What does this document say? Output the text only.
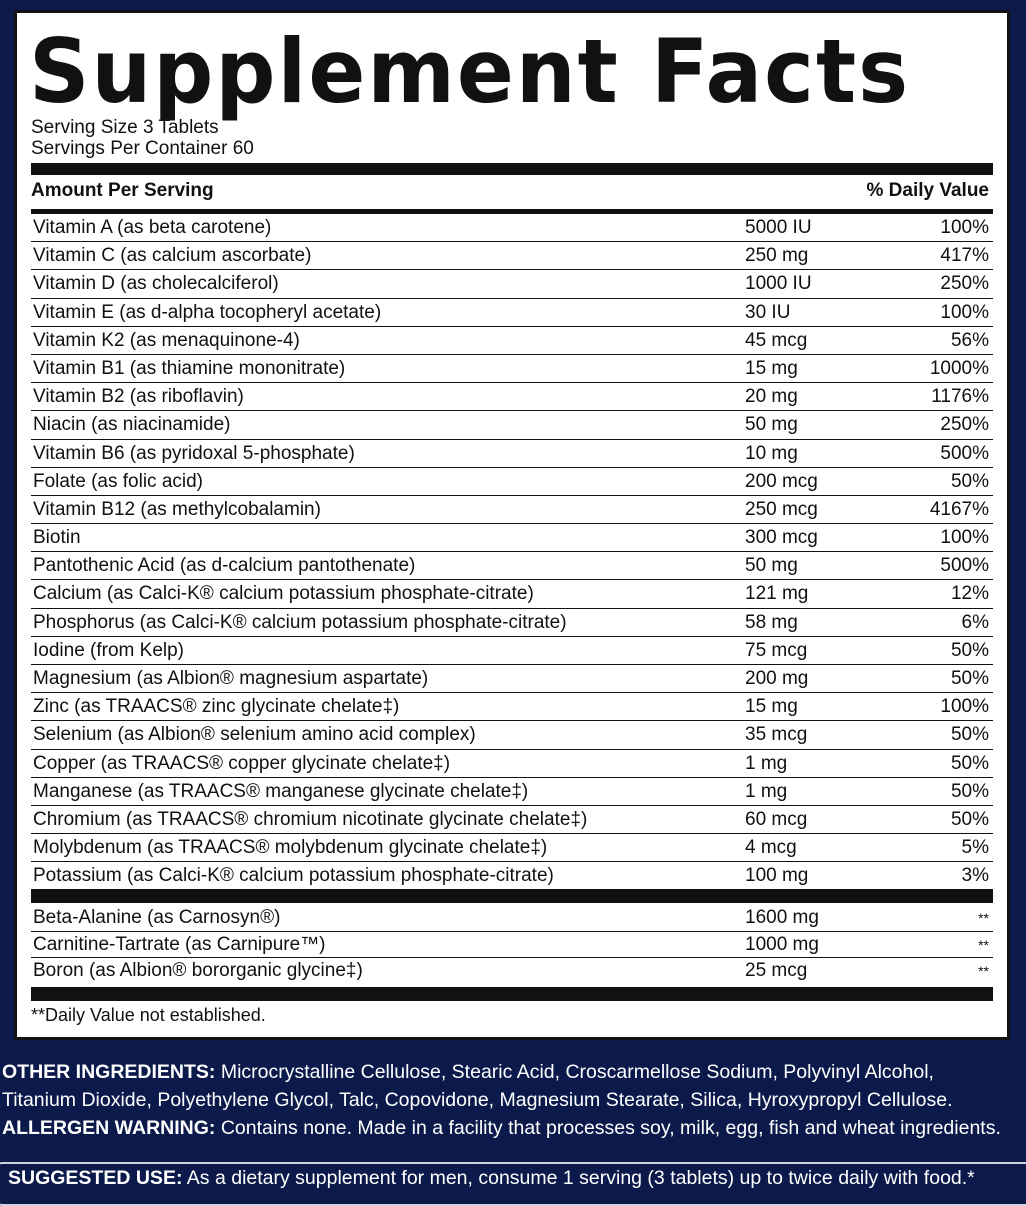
Supplement Facts
Serving Size 3 Tablets
Servings Per Container 60
Amount Per Serving	% Daily Value
Vitamin A (as beta carotene)	5000 IU	100%
Vitamin C (as calcium ascorbate)	250 mg	417%
Vitamin D (as cholecalciferol)	1000 IU	250%
Vitamin E (as d-alpha tocopheryl acetate)	30 IU	100%
Vitamin K2 (as menaquinone-4)	45 mcg	56%
Vitamin B1 (as thiamine mononitrate)	15 mg	1000%
Vitamin B2 (as riboflavin)	20 mg	1176%
Niacin (as niacinamide)	50 mg	250%
Vitamin B6 (as pyridoxal 5-phosphate)	10 mg	500%
Folate (as folic acid)	200 mcg	50%
Vitamin B12 (as methylcobalamin)	250 mcg	4167%
Biotin	300 mcg	100%
Pantothenic Acid (as d-calcium pantothenate)	50 mg	500%
Calcium (as Calci-K® calcium potassium phosphate-citrate)	121 mg	12%
Phosphorus (as Calci-K® calcium potassium phosphate-citrate)	58 mg	6%
Iodine (from Kelp)	75 mcg	50%
Magnesium (as Albion® magnesium aspartate)	200 mg	50%
Zinc (as TRAACS® zinc glycinate chelate‡)	15 mg	100%
Selenium (as Albion® selenium amino acid complex)	35 mcg	50%
Copper (as TRAACS® copper glycinate chelate‡)	1 mg	50%
Manganese (as TRAACS® manganese glycinate chelate‡)	1 mg	50%
Chromium (as TRAACS® chromium nicotinate glycinate chelate‡)	60 mcg	50%
Molybdenum (as TRAACS® molybdenum glycinate chelate‡)	4 mcg	5%
Potassium (as Calci-K® calcium potassium phosphate-citrate)	100 mg	3%
Beta-Alanine (as Carnosyn®)	1600 mg	**
Carnitine-Tartrate (as Carnipure™)	1000 mg	**
Boron (as Albion® bororganic glycine‡)	25 mcg	**
**Daily Value not established.
OTHER INGREDIENTS: Microcrystalline Cellulose, Stearic Acid, Croscarmellose Sodium, Polyvinyl Alcohol,
Titanium Dioxide, Polyethylene Glycol, Talc, Copovidone, Magnesium Stearate, Silica, Hyroxypropyl Cellulose.
ALLERGEN WARNING: Contains none. Made in a facility that processes soy, milk, egg, fish and wheat ingredients.
SUGGESTED USE: As a dietary supplement for men, consume 1 serving (3 tablets) up to twice daily with food.*
